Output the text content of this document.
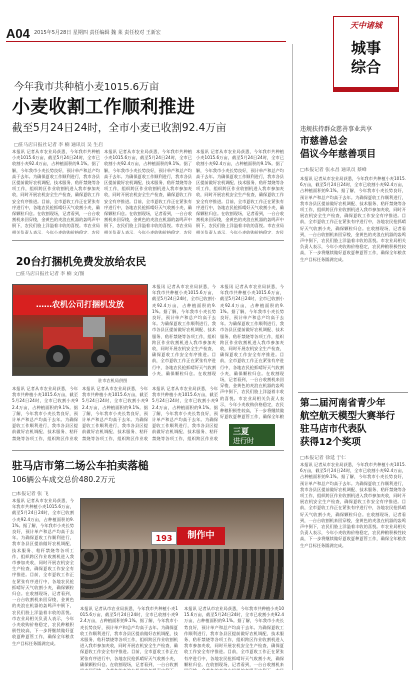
A04 2015年5月28日 星期四 责任编辑 魏 莱 责任校对 王新宏
天中诸城
城事
综合
今年我市共种植小麦1015.6万亩
小麦收割工作顺利推进
截至5月24日24时，全市小麦已收割92.4万亩
□驻马店日报社记者 李 楠 通讯员 吴 生启
本报讯 记者从市农业局获悉，今年我市共种植小麦1015.6万亩，截至5月24日24时，全市已收割小麦92.4万亩，占种植面积的9.1%。据了解，今年我市小麦长势良好，预计单产和总产均高于去年。为确保夏收工作顺利进行，我市各县区提前做好农机调配、技术服务、秸秆禁烧等各项工作，组织跨区作业收割机进入我市参加麦收，同时开展农机安全生产检查，确保夏收工作安全有序推进。目前，全市夏收工作正在紧张有序进行中，各地农民抢抓晴好天气收割小麦，确保颗粒归仓。在收割现场，记者看到，一台台收割机来回穿梭，金黄色的麦浪在机器的轰鸣声中倒下，农民们脸上洋溢着丰收的喜悦。市农业局相关负责人表示，今年小麦收购价格稳定，农民
本报讯 记者从市农业局获悉，今年我市共种植小麦1015.6万亩，截至5月24日24时，全市已收割小麦92.4万亩，占种植面积的9.1%。据了解，今年我市小麦长势良好，预计单产和总产均高于去年。为确保夏收工作顺利进行，我市各县区提前做好农机调配、技术服务、秸秆禁烧等各项工作，组织跨区作业收割机进入我市参加麦收，同时开展农机安全生产检查，确保夏收工作安全有序推进。目前，全市夏收工作正在紧张有序进行中，各地农民抢抓晴好天气收割小麦，确保颗粒归仓。在收割现场，记者看到，一台台收割机来回穿梭，金黄色的麦浪在机器的轰鸣声中倒下，农民们脸上洋溢着丰收的喜悦。市农业局相关负责人表示，今年小麦收购价格稳定，农民
本报讯 记者从市农业局获悉，今年我市共种植小麦1015.6万亩，截至5月24日24时，全市已收割小麦92.4万亩，占种植面积的9.1%。据了解，今年我市小麦长势良好，预计单产和总产均高于去年。为确保夏收工作顺利进行，我市各县区提前做好农机调配、技术服务、秸秆禁烧等各项工作，组织跨区作业收割机进入我市参加麦收，同时开展农机安全生产检查，确保夏收工作安全有序推进。目前，全市夏收工作正在紧张有序进行中，各地农民抢抓晴好天气收割小麦，确保颗粒归仓。在收割现场，记者看到，一台台收割机来回穿梭，金黄色的麦浪在机器的轰鸣声中倒下，农民们脸上洋溢着丰收的喜悦。市农业局相关负责人表示，今年小麦收购价格稳定，农民
20台打捆机免费发放给农民
□驻马店日报社记者 李 楠 文/图
……农机公司打捆机发放
驻市农机局供图
本报讯 记者从市农业局获悉，今年我市共种植小麦1015.6万亩，截至5月24日24时，全市已收割小麦92.4万亩，占种植面积的9.1%。据了解，今年我市小麦长势良好，预计单产和总产均高于去年。为确保夏收工作顺利进行，我市各县区提前做好农机调配、技术服务、秸秆禁烧等各项工作，组织跨区作业收割机进入我市参加麦收，同时开展农机安全生产检查，确保夏收工作安全有序推进。目前，全市夏收工作正在紧张有序进行中，各地农民抢抓晴好天气收割小麦，确保颗粒归仓。在收割现
本报讯 记者从市农业局获悉，今年我市共种植小麦1015.6万亩，截至5月24日24时，全市已收割小麦92.4万亩，占种植面积的9.1%。据了解，今年我市小麦长势良好，预计单产和总产均高于去年。为确保夏收工作顺利进行，我市各县区提前做好农机调配、技术服务、秸秆禁烧等各项工作，组织跨区作业收割机进入我市参加麦收，同时开展农机安全生产检查，确保夏收工作安全有序推进。目前，全市夏收工作正在紧张有序进行中，各地农民抢抓晴好天气收割小麦，确保颗粒归仓。在收割现场，记者看到，一台台收割机来回穿梭，金黄色的麦浪在机器的轰鸣声中倒下，农民们脸上洋溢着丰收的喜悦。市农业局相关负责人表示，今年小麦收购价格稳定，农民种粮积极性较高，下一步将继续做好夏收夏种夏管工作，确保全年粮
本报讯 记者从市农业局获悉，今年我市共种植小麦1015.6万亩，截至5月24日24时，全市已收割小麦92.4万亩，占种植面积的9.1%。据了解，今年我市小麦长势良好，预计单产和总产均高于去年。为确保夏收工作顺利进行，我市各县区提前做好农机调配、技术服务、秸秆禁烧等各项工作，组织跨区作业收
本报讯 记者从市农业局获悉，今年我市共种植小麦1015.6万亩，截至5月24日24时，全市已收割小麦92.4万亩，占种植面积的9.1%。据了解，今年我市小麦长势良好，预计单产和总产均高于去年。为确保夏收工作顺利进行，我市各县区提前做好农机调配、技术服务、秸秆禁烧等各项工作，组织跨区作业收
本报讯 记者从市农业局获悉，今年我市共种植小麦1015.6万亩，截至5月24日24时，全市已收割小麦92.4万亩，占种植面积的9.1%。据了解，今年我市小麦长势良好，预计单产和总产均高于去年。为确保夏收工作顺利进行，我市各县区提前做好农机调配、技术服务、秸秆禁烧等各项工作，组织跨区作业收
三夏
进行时
驻马店市第二场公车拍卖落槌
106辆公车成交总价480.2万元
□本报记者 张 飞
本报讯 记者从市农业局获悉，今年我市共种植小麦1015.6万亩，截至5月24日24时，全市已收割小麦92.4万亩，占种植面积的9.1%。据了解，今年我市小麦长势良好，预计单产和总产均高于去年。为确保夏收工作顺利进行，我市各县区提前做好农机调配、技术服务、秸秆禁烧等各项工作，组织跨区作业收割机进入我市参加麦收，同时开展农机安全生产检查，确保夏收工作安全有序推进。目前，全市夏收工作正在紧张有序进行中，各地农民抢抓晴好天气收割小麦，确保颗粒归仓。在收割现场，记者看到，一台台收割机来回穿梭，金黄色的麦浪在机器的轰鸣声中倒下，农民们脸上洋溢着丰收的喜悦。市农业局相关负责人表示，今年小麦收购价格稳定，农民种粮积极性较高，下一步将继续做好夏收夏种夏管工作，确保全年粮食生产目标任务圆满完成。
193	制作中
本报讯 记者从市农业局获悉，今年我市共种植小麦1015.6万亩，截至5月24日24时，全市已收割小麦92.4万亩，占种植面积的9.1%。据了解，今年我市小麦长势良好，预计单产和总产均高于去年。为确保夏收工作顺利进行，我市各县区提前做好农机调配、技术服务、秸秆禁烧等各项工作，组织跨区作业收割机进入我市参加麦收，同时开展农机安全生产检查，确保夏收工作安全有序推进。目前，全市夏收工作正在紧张有序进行中，各地农民抢抓晴好天气收割小麦，确保颗粒归仓。在收割现场，记者看到，一台台收割
本报讯 记者从市农业局获悉，今年我市共种植小麦1015.6万亩，截至5月24日24时，全市已收割小麦92.4万亩，占种植面积的9.1%。据了解，今年我市小麦长势良好，预计单产和总产均高于去年。为确保夏收工作顺利进行，我市各县区提前做好农机调配、技术服务、秸秆禁烧等各项工作，组织跨区作业收割机进入我市参加麦收，同时开展农机安全生产检查，确保夏收工作安全有序推进。目前，全市夏收工作正在紧张有序进行中，各地农民抢抓晴好天气收割小麦，确保颗粒归仓。在收割现场，记者看到，一台台收割机来
违规扶持群众慈善事业共享
市慈善总会
倡议今年慈善项目
□本报记者 张永昌 通讯员 蔡峰
本报讯 记者从市农业局获悉，今年我市共种植小麦1015.6万亩，截至5月24日24时，全市已收割小麦92.4万亩，占种植面积的9.1%。据了解，今年我市小麦长势良好，预计单产和总产均高于去年。为确保夏收工作顺利进行，我市各县区提前做好农机调配、技术服务、秸秆禁烧等各项工作，组织跨区作业收割机进入我市参加麦收，同时开展农机安全生产检查，确保夏收工作安全有序推进。目前，全市夏收工作正在紧张有序进行中，各地农民抢抓晴好天气收割小麦，确保颗粒归仓。在收割现场，记者看到，一台台收割机来回穿梭，金黄色的麦浪在机器的轰鸣声中倒下，农民们脸上洋溢着丰收的喜悦。市农业局相关负责人表示，今年小麦收购价格稳定，农民种粮积极性较高，下一步将继续做好夏收夏种夏管工作，确保全年粮食生产目标任务圆满完成。
第二届河南省青少年
航空航天模型大赛举行
驻马店市代表队
获得12个奖项
□本报记者 徐延 于仁
本报讯 记者从市农业局获悉，今年我市共种植小麦1015.6万亩，截至5月24日24时，全市已收割小麦92.4万亩，占种植面积的9.1%。据了解，今年我市小麦长势良好，预计单产和总产均高于去年。为确保夏收工作顺利进行，我市各县区提前做好农机调配、技术服务、秸秆禁烧等各项工作，组织跨区作业收割机进入我市参加麦收，同时开展农机安全生产检查，确保夏收工作安全有序推进。目前，全市夏收工作正在紧张有序进行中，各地农民抢抓晴好天气收割小麦，确保颗粒归仓。在收割现场，记者看到，一台台收割机来回穿梭，金黄色的麦浪在机器的轰鸣声中倒下，农民们脸上洋溢着丰收的喜悦。市农业局相关负责人表示，今年小麦收购价格稳定，农民种粮积极性较高，下一步将继续做好夏收夏种夏管工作，确保全年粮食生产目标任务圆满完成。
